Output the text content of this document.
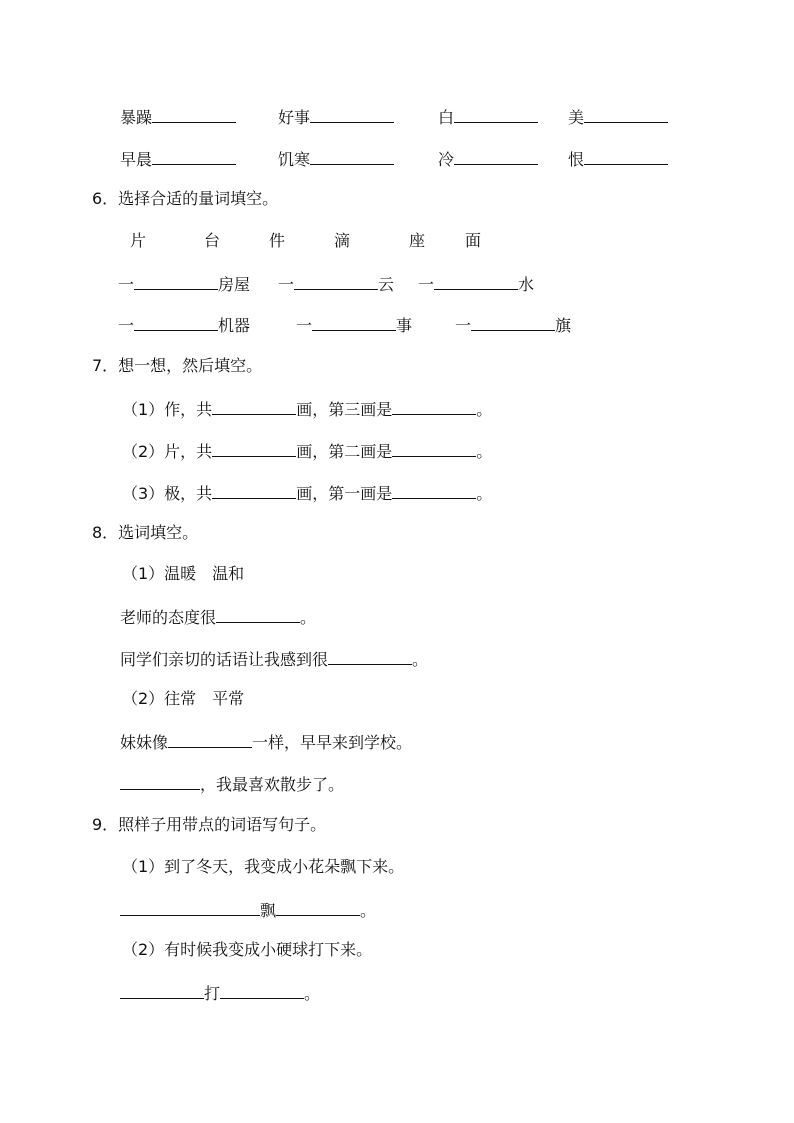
暴躁	好事	白	美
早晨	饥寒	冷	恨
6．选择合适的量词填空。
片	台	件	滴	座 面
一	房屋 一	云 一	水
一	机器	一	事	一	旗
7．想一想，然后填空。
（1）作，共	画，第三画是	。
（2）片，共	画，第二画是	。
（3）极，共	画，第一画是	。
8．选词填空。
（1）温暖　温和
老师的态度很	。
同学们亲切的话语让我感到很	。
（2）往常　平常
妹妹像	一样，早早来到学校。
，我最喜欢散步了。
9．照样子用带点的词语写句子。
（1）到了冬天，我变成小花朵飘下来。
飘	。
（2）有时候我变成小硬球打下来。
打	。
